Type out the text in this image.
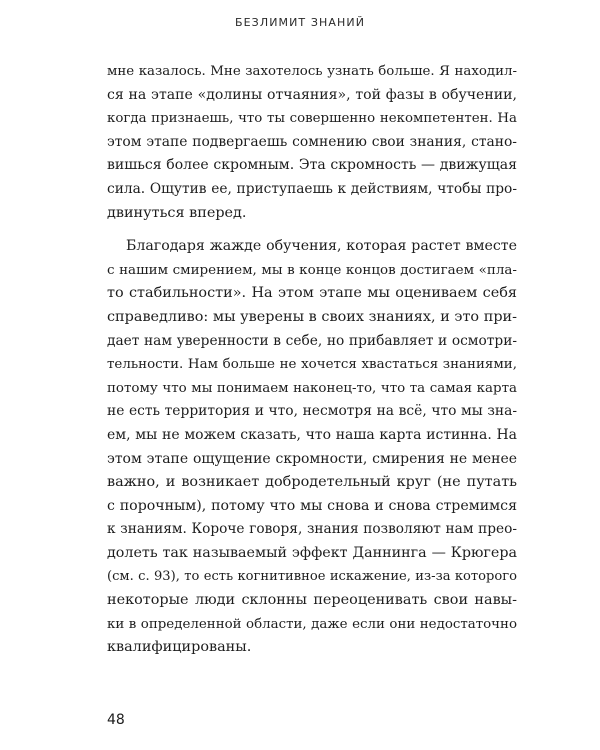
БЕЗЛИМИТ ЗНАНИЙ
мне казалось. Мне захотелось узнать больше. Я находил-
ся на этапе «долины отчаяния», той фазы в обучении,
когда признаешь, что ты совершенно некомпетентен. На
этом этапе подвергаешь сомнению свои знания, стано-
вишься более скромным. Эта скромность — движущая
сила. Ощутив ее, приступаешь к действиям, чтобы про-
двинуться вперед.
Благодаря жажде обучения, которая растет вместе
с нашим смирением, мы в конце концов достигаем «пла-
то стабильности». На этом этапе мы оцениваем себя
справедливо: мы уверены в своих знаниях, и это при-
дает нам уверенности в себе, но прибавляет и осмотри-
тельности. Нам больше не хочется хвастаться знаниями,
потому что мы понимаем наконец-то, что та самая карта
не есть территория и что, несмотря на всё, что мы зна-
ем, мы не можем сказать, что наша карта истинна. На
этом этапе ощущение скромности, смирения не менее
важно, и возникает добродетельный круг (не путать
с порочным), потому что мы снова и снова стремимся
к знаниям. Короче говоря, знания позволяют нам прео-
долеть так называемый эффект Даннинга — Крюгера
(см. с. 93), то есть когнитивное искажение, из-за которого
некоторые люди склонны переоценивать свои навы-
ки в определенной области, даже если они недостаточно
квалифицированы.
48
